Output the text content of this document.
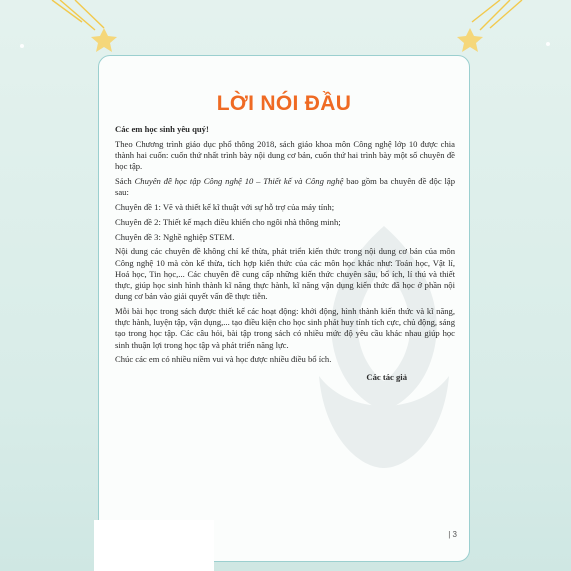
LỜI NÓI ĐẦU

Các em học sinh yêu quý!

Theo Chương trình giáo dục phổ thông 2018, sách giáo khoa môn Công nghệ lớp 10 được chia thành hai cuốn: cuốn thứ nhất trình bày nội dung cơ bản, cuốn thứ hai trình bày một số chuyên đề học tập.

Sách Chuyên đề học tập Công nghệ 10 – Thiết kế và Công nghệ bao gồm ba chuyên đề độc lập sau:

Chuyên đề 1: Vẽ và thiết kế kĩ thuật với sự hỗ trợ của máy tính;

Chuyên đề 2: Thiết kế mạch điều khiển cho ngôi nhà thông minh;

Chuyên đề 3: Nghề nghiệp STEM.

Nội dung các chuyên đề không chỉ kế thừa, phát triển kiến thức trong nội dung cơ bản của môn Công nghệ 10 mà còn kế thừa, tích hợp kiến thức của các môn học khác như: Toán học, Vật lí, Hoá học, Tin học,... Các chuyên đề cung cấp những kiến thức chuyên sâu, bổ ích, lí thú và thiết thực, giúp học sinh hình thành kĩ năng thực hành, kĩ năng vận dụng kiến thức đã học ở phần nội dung cơ bản vào giải quyết vấn đề thực tiễn.

Mỗi bài học trong sách được thiết kế các hoạt động: khởi động, hình thành kiến thức và kĩ năng, thực hành, luyện tập, vận dụng,... tạo điều kiện cho học sinh phát huy tính tích cực, chủ động, sáng tạo trong học tập. Các câu hỏi, bài tập trong sách có nhiều mức độ yêu cầu khác nhau giúp học sinh thuận lợi trong học tập và phát triển năng lực.

Chúc các em có nhiều niềm vui và học được nhiều điều bổ ích.

Các tác giả

| 3
